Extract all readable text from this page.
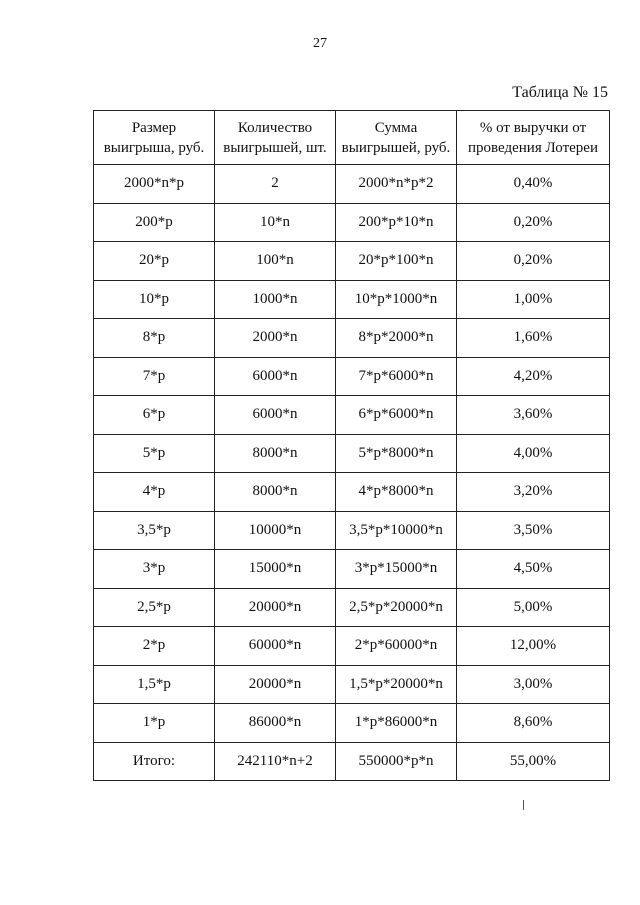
27
Таблица № 15
Размер выигрыша, руб.	Количество выигрышей, шт.	Сумма выигрышей, руб.	% от выручки от проведения Лотереи
2000*n*p	2	2000*n*p*2	0,40%
200*p	10*n	200*p*10*n	0,20%
20*p	100*n	20*p*100*n	0,20%
10*p	1000*n	10*p*1000*n	1,00%
8*p	2000*n	8*p*2000*n	1,60%
7*p	6000*n	7*p*6000*n	4,20%
6*p	6000*n	6*p*6000*n	3,60%
5*p	8000*n	5*p*8000*n	4,00%
4*p	8000*n	4*p*8000*n	3,20%
3,5*p	10000*n	3,5*p*10000*n	3,50%
3*p	15000*n	3*p*15000*n	4,50%
2,5*p	20000*n	2,5*p*20000*n	5,00%
2*p	60000*n	2*p*60000*n	12,00%
1,5*p	20000*n	1,5*p*20000*n	3,00%
1*p	86000*n	1*p*86000*n	8,60%
Итого:	242110*n+2	550000*p*n	55,00%
